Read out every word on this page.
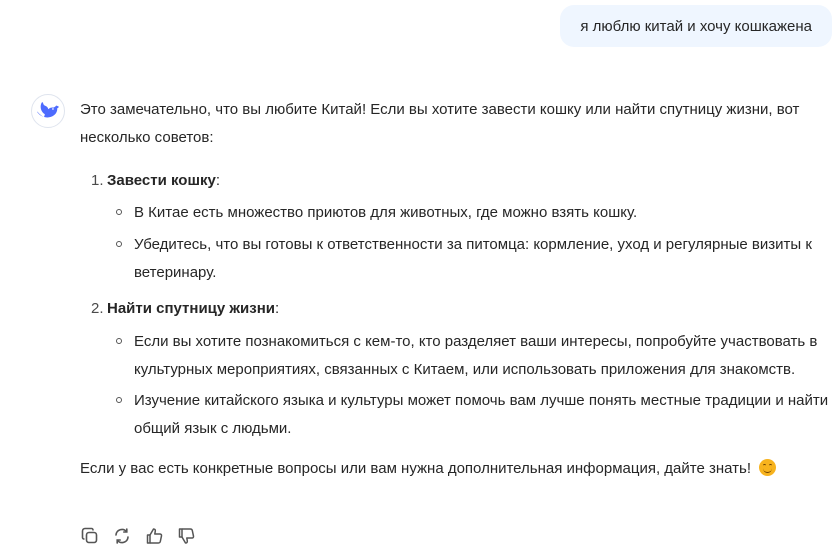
я люблю китай и хочу кошкажена

Это замечательно, что вы любите Китай! Если вы хотите завести кошку или найти спутницу жизни, вот несколько советов:

1. Завести кошку:
В Китае есть множество приютов для животных, где можно взять кошку.
Убедитесь, что вы готовы к ответственности за питомца: кормление, уход и регулярные визиты к ветеринару.
2. Найти спутницу жизни:
Если вы хотите познакомиться с кем-то, кто разделяет ваши интересы, попробуйте участвовать в культурных мероприятиях, связанных с Китаем, или использовать приложения для знакомств.
Изучение китайского языка и культуры может помочь вам лучше понять местные традиции и найти общий язык с людьми.

Если у вас есть конкретные вопросы или вам нужна дополнительная информация, дайте знать!
